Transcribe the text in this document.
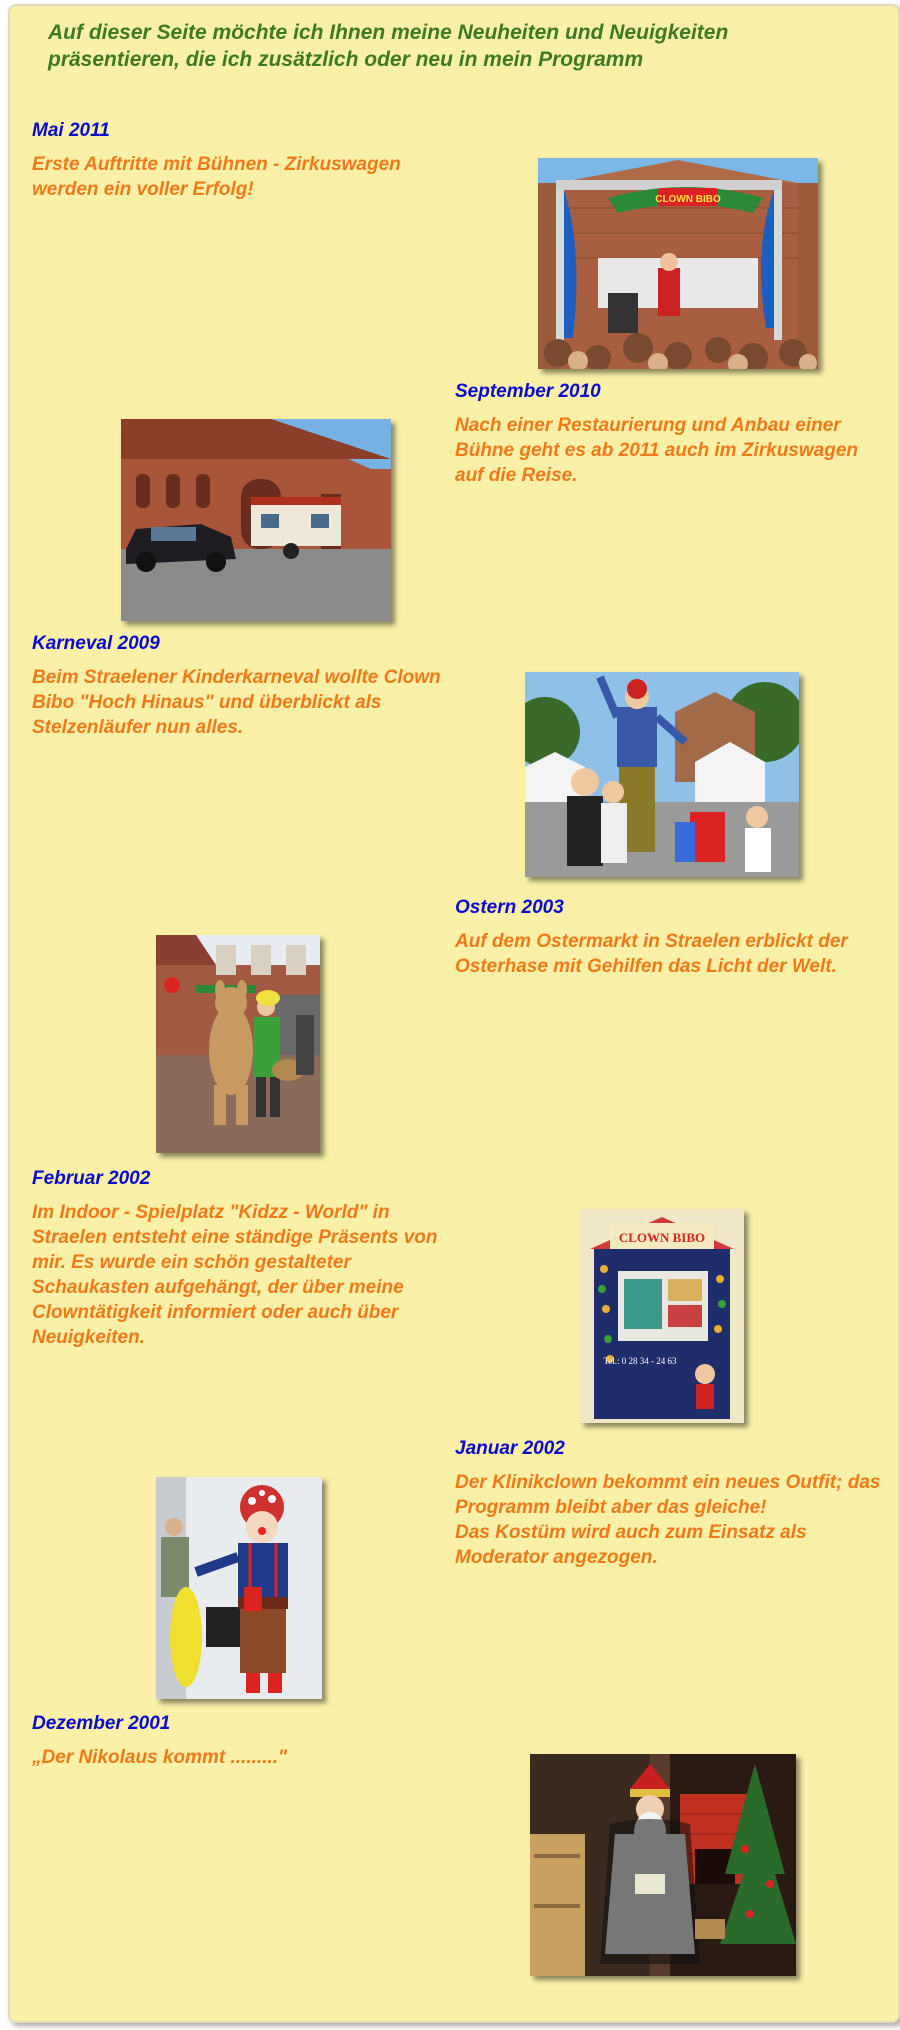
Auf dieser Seite möchte ich Ihnen meine Neuheiten und Neuigkeiten präsentieren, die ich zusätzlich oder neu in mein Programm

Mai 2011

Erste Auftritte mit Bühnen - Zirkuswagen werden ein voller Erfolg!	CLOWN BIBO

September 2010

Nach einer Restaurierung und Anbau einer Bühne geht es ab 2011 auch im Zirkuswagen auf die Reise.

Karneval 2009

Beim Straelener Kinderkarneval wollte Clown Bibo "Hoch Hinaus" und überblickt als Stelzenläufer nun alles.

Ostern 2003

Auf dem Ostermarkt in Straelen erblickt der Osterhase mit Gehilfen das Licht der Welt.

Februar 2002

Im Indoor - Spielplatz "Kidzz - World" in Straelen entsteht eine ständige Präsents von mir. Es wurde ein schön gestalteter Schaukasten aufgehängt, der über meine Clowntätigkeit informiert oder auch über Neuigkeiten.

CLOWN BIBO
Tel.: 0 28 34 - 24 63

Januar 2002

Der Klinikclown bekommt ein neues Outfit; das Programm bleibt aber das gleiche!
Das Kostüm wird auch zum Einsatz als Moderator angezogen.

Dezember 2001

„Der Nikolaus kommt ........."
